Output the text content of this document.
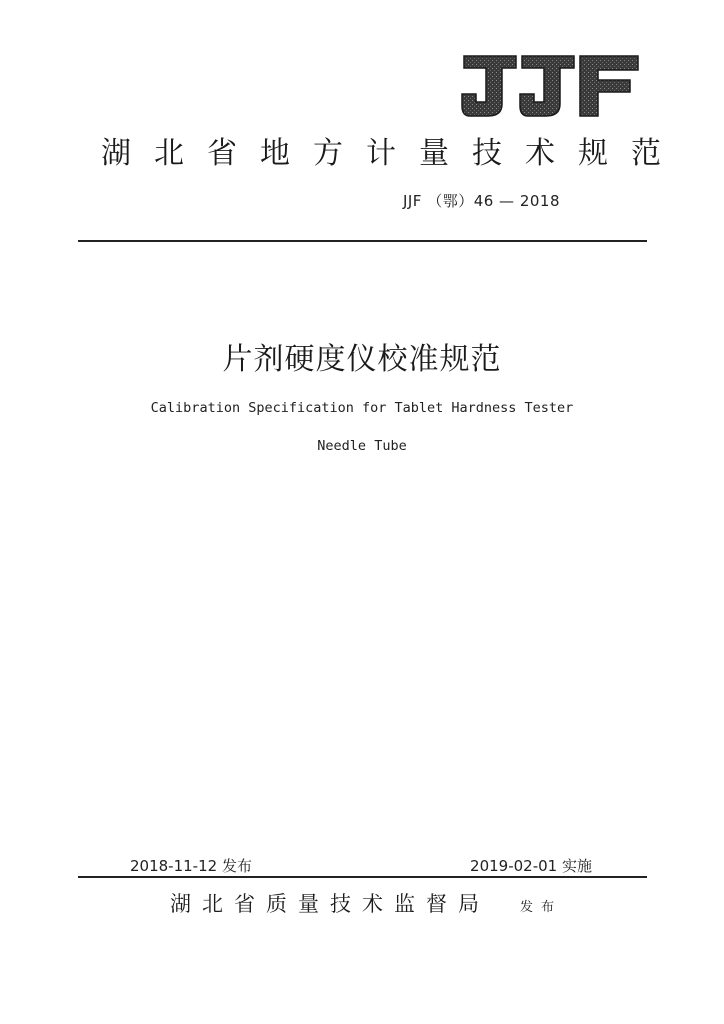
湖北省地方计量技术规范
JJF （鄂）46 — 2018
片剂硬度仪校准规范
Calibration Specification for Tablet Hardness Tester
Needle Tube
2018-11-12 发布	2019-02-01 实施
湖北省质量技术监督局 发布
